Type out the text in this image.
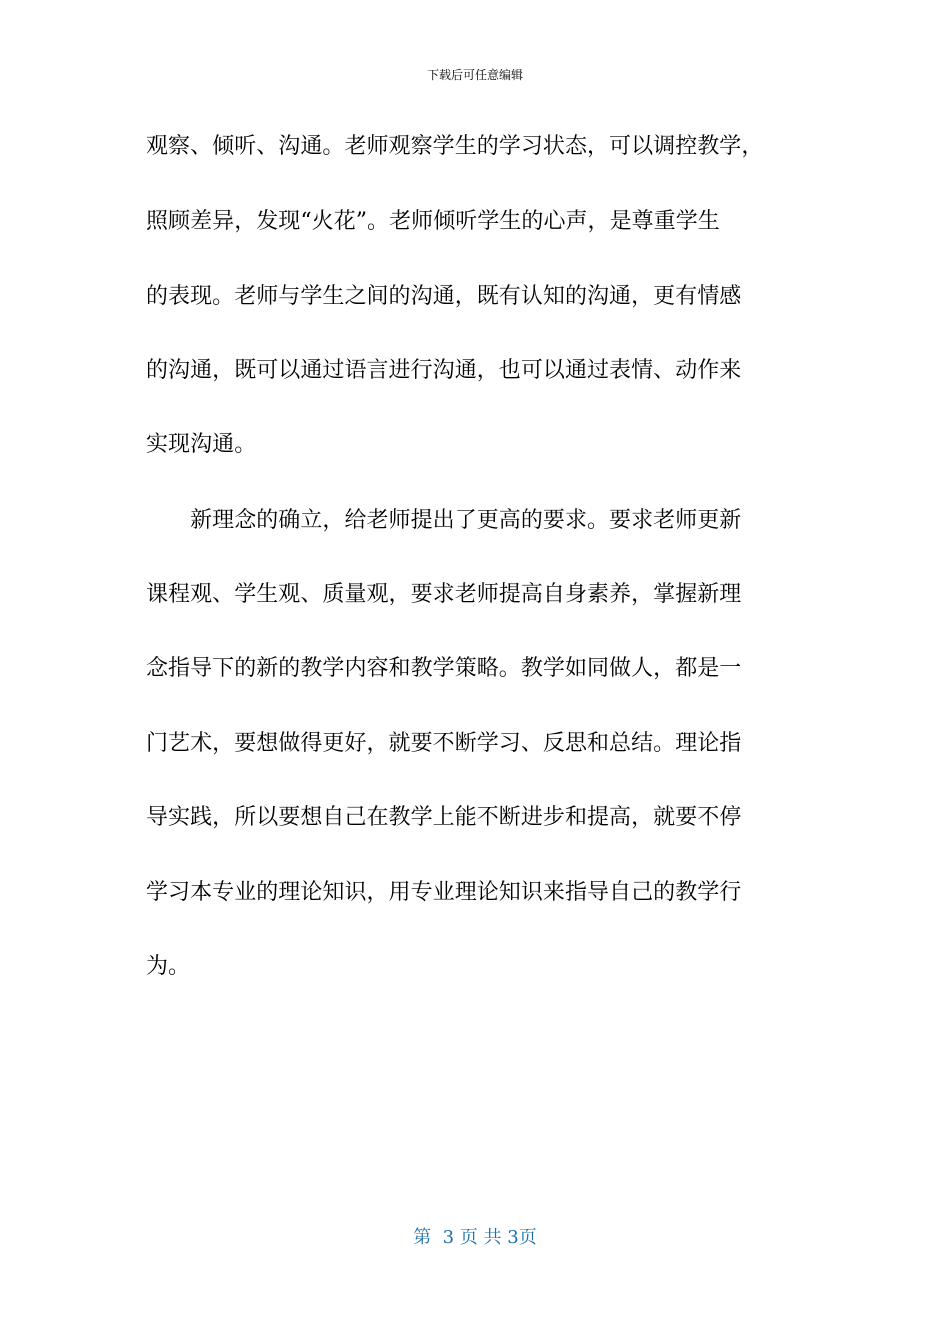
下载后可任意编辑
观察、倾听、沟通。老师观察学生的学习状态，可以调控教学，
照顾差异，发现“火花”。老师倾听学生的心声，是尊重学生
的表现。老师与学生之间的沟通，既有认知的沟通，更有情感
的沟通，既可以通过语言进行沟通，也可以通过表情、动作来
实现沟通。
　　新理念的确立，给老师提出了更高的要求。要求老师更新
课程观、学生观、质量观，要求老师提高自身素养，掌握新理
念指导下的新的教学内容和教学策略。教学如同做人，都是一
门艺术，要想做得更好，就要不断学习、反思和总结。理论指
导实践，所以要想自己在教学上能不断进步和提高，就要不停
学习本专业的理论知识，用专业理论知识来指导自己的教学行
为。
第  3 页 共 3页
